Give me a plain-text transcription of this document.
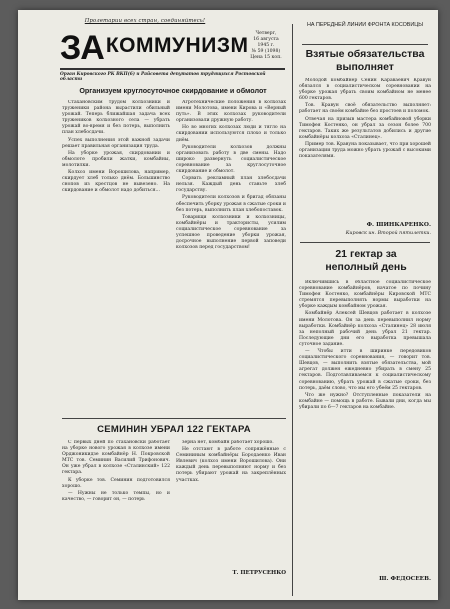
Пролетарии всех стран, соединяйтесь!
ЗАКОММУНИЗМ
Орган Кировского РК ВКП(б) и Райсовета депутатов трудящихся Ростовской области
Четверг,
16 августа
1945 г.
№ 59 (1098)
Цена 15 коп.
Организуем круглосуточное скирдование и обмолот

Стахановским трудом колхозники и труженики района вырастили обильный урожай. Теперь ближайшая задача всех тружеников колхозного села — убрать урожай во-время и без потерь, выполнить план хлебосдачи.

Успех выполнения этой важной задачи решает правильная организация труда.

На уборке урожая, скирдовании и обмолоте пробили жатки, комбайны, молотилки.

Колхоз имени Ворошилова, например, скирдует хлеб только днём. Большинство снопов из крестцов не вывезено. На скирдование и обмолот надо добиться...

Агротехнические положения в колхозах имени Молотова, имени Кирова и «Верный путь». В этих колхозах руководители организовали дружную работу.

Но во многих колхозах люди и тягло на скирдовании используются плохо и только днём.

Руководители колхозов должны организовать работу в две смены. Надо широко развернуть социалистическое соревнование за круглосуточное скирдование и обмолот.

Сорвать рекламный план хлебосдачи нельзя. Каждый день ставьте хлеб государству.

Руководители колхозов и бригад обязаны обеспечить уборку урожая в сжатые сроки и без потерь, выполнить план хлебопоставок.

Товарищи колхозники и колхозницы, комбайнёры и трактористы, усилим социалистическое соревнование за успешное проведение уборки урожая, досрочное выполнение первой заповеди колхозов перед государством!

СЕМИНИН УБРАЛ 122 ГЕКТАРА

С первых дней по стахановски работает на уборке нового урожая в колхозе имени Орджоникидзе комбайнёр Н. Покровской МТС тов. Семинин Василий Трифонович. Он уже убрал в колхозе «Сталинский» 122 гектара.

К уборке тов. Семинин подготовился хорошо.

— Нужны не только темпы, но и качество, — говорит он, — потерь

зерна нет, комбайн работает хорошо.

Не отстают в работе сопряжённые с Семининым комбайнёры Бородаенко Иван Ивлевич (колхоз имени Ворошилова). Они каждый день перевыполняют норму и без потерь убирают урожай на закреплённых участках.

Т. ПЕТРУСЕНКО
НА ПЕРЕДНЕЙ ЛИНИИ ФРОНТА КОСОВИЦЫ
Взятые обязательства выполняет

Молодой комбайнёр Сенин Караваевич Кравун обязался в социалистическом соревновании на уборке урожая убрать своим комбайном не менее 600 гектаров.

Тов. Кравун своё обязательство выполняет: работает на своём комбайне без простоев и поломок.

Отвечая на призыв мастера комбайновой уборки Тимофея Костенко, он убрал за сезон более 700 гектаров. Таких же результатов добились и другие комбайнёры колхоза «Сталинец».

Пример тов. Кравуна показывает, что при хорошей организации труда можно убрать урожай с высокими показателями.

Ф. ШИНКАРЕНКО.
Кировск ин. Второй пятилетки.
21 гектар за неполный день

Включившись в областное социалистическое соревнование комбайнёров, начатое по почину Тимофея Костенко, комбайнёры Кировской МТС стремятся перевыполнять нормы выработки на уборке каждым комбайном урожая.

Комбайнёр Алексей Шевцов работает в колхозе имени Молотова. Он за день перевыполнил норму выработки. Комбайнёр колхоза «Сталинец» 28 июля за неполный рабочий день убрал 21 гектар. Последующие дни его выработка превышала суточное задание.

— Чтобы итти в ширинке передовиков социалистического соревнования, — говорит тов. Шевцов, — выполнить взятые обязательства, мой агрегат должен ежедневно убирать в смену 25 гектаров. Подготавливаемся к социалистическому соревнованию, убрать урожай в сжатые сроки, без потерь, даём слово, что мы его убеём 25 гектаров.

Что же нужно? Отступленные показатели на комбайне — помощь в работе. Бывали дни, когда мы убирали по 6—7 гектаров на комбайне.

Ш. ФЕДОСЕЕВ.
